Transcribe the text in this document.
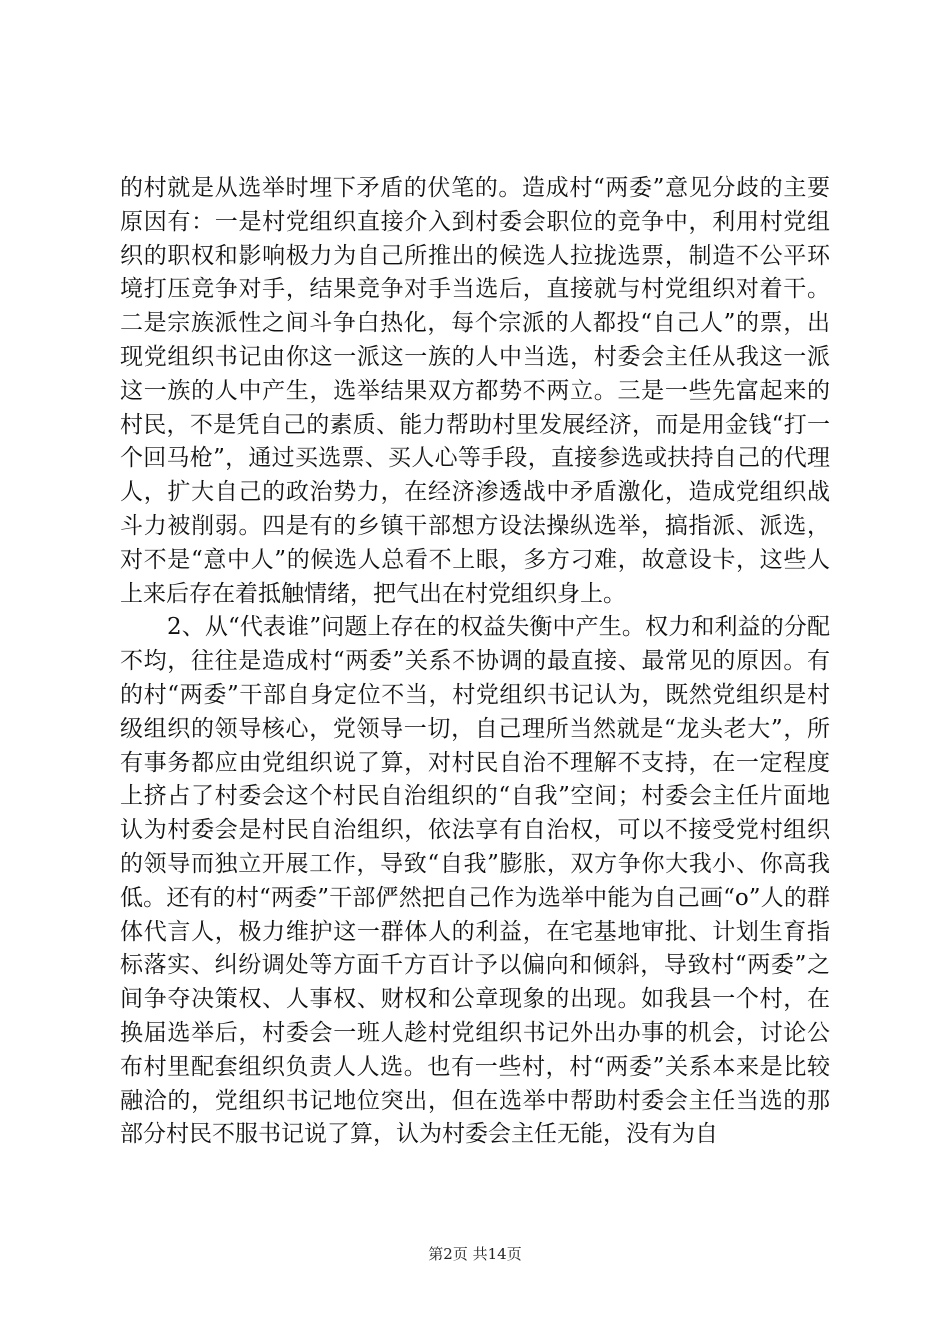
的村就是从选举时埋下矛盾的伏笔的。造成村“两委”意见分歧的主要原因有：一是村党组织直接介入到村委会职位的竞争中，利用村党组织的职权和影响极力为自己所推出的候选人拉拢选票，制造不公平环境打压竞争对手，结果竞争对手当选后，直接就与村党组织对着干。二是宗族派性之间斗争白热化，每个宗派的人都投“自己人”的票，出现党组织书记由你这一派这一族的人中当选，村委会主任从我这一派这一族的人中产生，选举结果双方都势不两立。三是一些先富起来的村民，不是凭自己的素质、能力帮助村里发展经济，而是用金钱“打一个回马枪”，通过买选票、买人心等手段，直接参选或扶持自己的代理人，扩大自己的政治势力，在经济渗透战中矛盾激化，造成党组织战斗力被削弱。四是有的乡镇干部想方设法操纵选举，搞指派、派选，对不是“意中人”的候选人总看不上眼，多方刁难，故意设卡，这些人上来后存在着抵触情绪，把气出在村党组织身上。

2、从“代表谁”问题上存在的权益失衡中产生。权力和利益的分配不均，往往是造成村“两委”关系不协调的最直接、最常见的原因。有的村“两委”干部自身定位不当，村党组织书记认为，既然党组织是村级组织的领导核心，党领导一切，自己理所当然就是“龙头老大”，所有事务都应由党组织说了算，对村民自治不理解不支持，在一定程度上挤占了村委会这个村民自治组织的“自我”空间；村委会主任片面地认为村委会是村民自治组织，依法享有自治权，可以不接受党村组织的领导而独立开展工作，导致“自我”膨胀，双方争你大我小、你高我低。还有的村“两委”干部俨然把自己作为选举中能为自己画“o”人的群体代言人，极力维护这一群体人的利益，在宅基地审批、计划生育指标落实、纠纷调处等方面千方百计予以偏向和倾斜，导致村“两委”之间争夺决策权、人事权、财权和公章现象的出现。如我县一个村，在换届选举后，村委会一班人趁村党组织书记外出办事的机会，讨论公布村里配套组织负责人人选。也有一些村，村“两委”关系本来是比较融洽的，党组织书记地位突出，但在选举中帮助村委会主任当选的那部分村民不服书记说了算，认为村委会主任无能，没有为自

第2页 共14页
